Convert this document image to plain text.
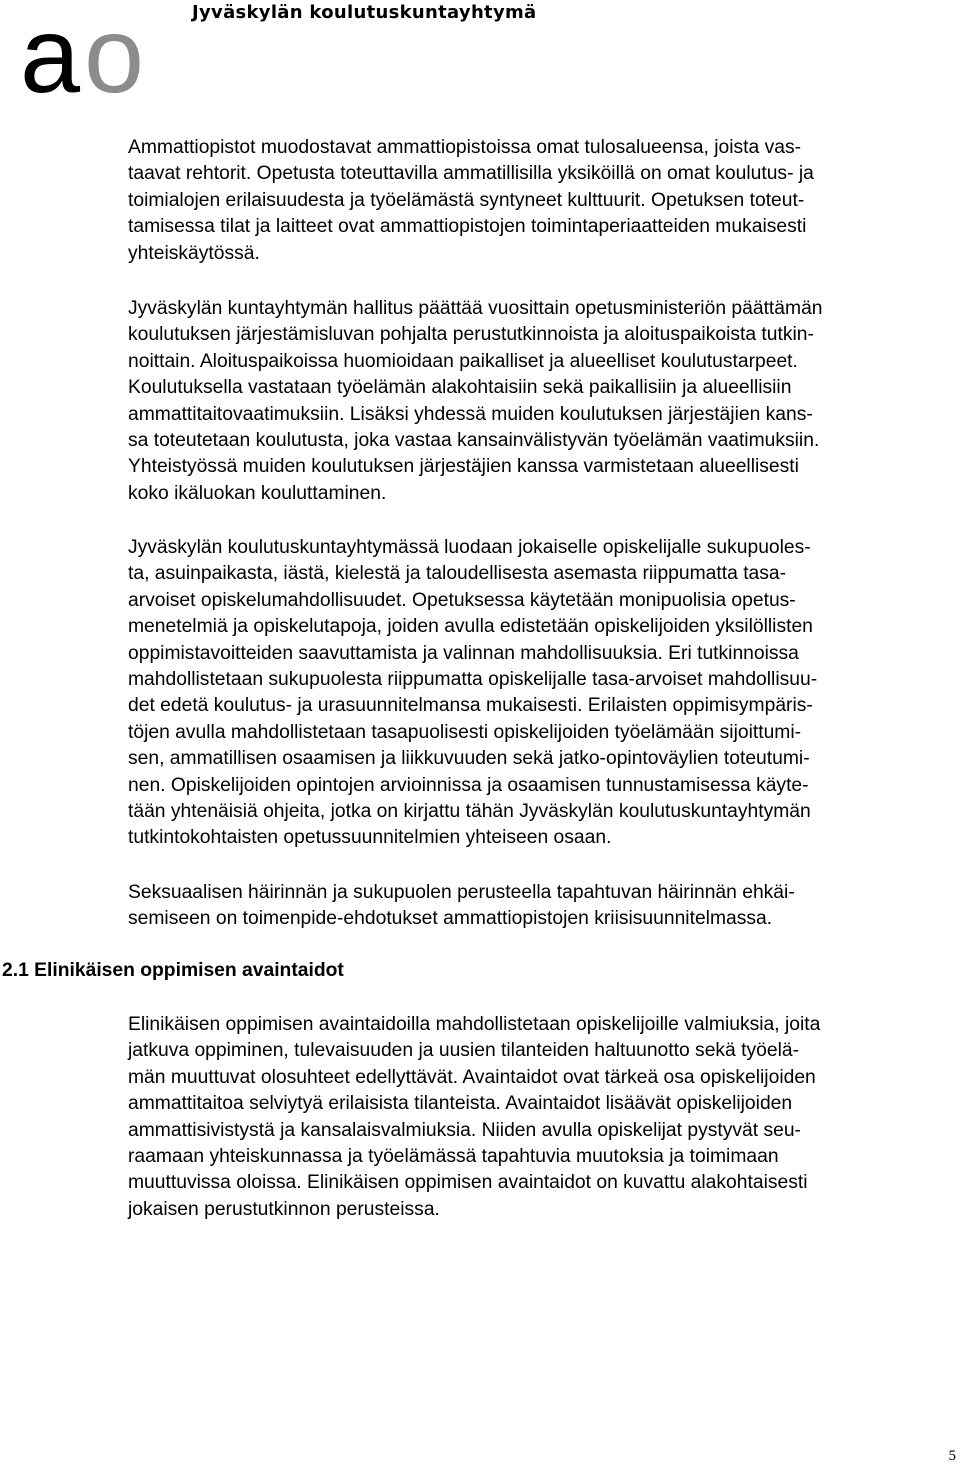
a o	Jyväskylän koulutuskuntayhtymä
Ammattiopistot muodostavat ammattiopistoissa omat tulosalueensa, joista vas-
taavat rehtorit. Opetusta toteuttavilla ammatillisilla yksiköillä on omat koulutus- ja
toimialojen erilaisuudesta ja työelämästä syntyneet kulttuurit. Opetuksen toteut-
tamisessa tilat ja laitteet ovat ammattiopistojen toimintaperiaatteiden mukaisesti
yhteiskäytössä.
Jyväskylän kuntayhtymän hallitus päättää vuosittain opetusministeriön päättämän
koulutuksen järjestämisluvan pohjalta perustutkinnoista ja aloituspaikoista tutkin-
noittain. Aloituspaikoissa huomioidaan paikalliset ja alueelliset koulutustarpeet.
Koulutuksella vastataan työelämän alakohtaisiin sekä paikallisiin ja alueellisiin
ammattitaitovaatimuksiin. Lisäksi yhdessä muiden koulutuksen järjestäjien kans-
sa toteutetaan koulutusta, joka vastaa kansainvälistyvän työelämän vaatimuksiin.
Yhteistyössä muiden koulutuksen järjestäjien kanssa varmistetaan alueellisesti
koko ikäluokan kouluttaminen.
Jyväskylän koulutuskuntayhtymässä luodaan jokaiselle opiskelijalle sukupuoles-
ta, asuinpaikasta, iästä, kielestä ja taloudellisesta asemasta riippumatta tasa-
arvoiset opiskelumahdollisuudet. Opetuksessa käytetään monipuolisia opetus-
menetelmiä ja opiskelutapoja, joiden avulla edistetään opiskelijoiden yksilöllisten
oppimistavoitteiden saavuttamista ja valinnan mahdollisuuksia. Eri tutkinnoissa
mahdollistetaan sukupuolesta riippumatta opiskelijalle tasa-arvoiset mahdollisuu-
det edetä koulutus- ja urasuunnitelmansa mukaisesti. Erilaisten oppimisympäris-
töjen avulla mahdollistetaan tasapuolisesti opiskelijoiden työelämään sijoittumi-
sen, ammatillisen osaamisen ja liikkuvuuden sekä jatko-opintoväylien toteutumi-
nen. Opiskelijoiden opintojen arvioinnissa ja osaamisen tunnustamisessa käyte-
tään yhtenäisiä ohjeita, jotka on kirjattu tähän Jyväskylän koulutuskuntayhtymän
tutkintokohtaisten opetussuunnitelmien yhteiseen osaan.
Seksuaalisen häirinnän ja sukupuolen perusteella tapahtuvan häirinnän ehkäi-
semiseen on toimenpide-ehdotukset ammattiopistojen kriisisuunnitelmassa.
2.1 Elinikäisen oppimisen avaintaidot
Elinikäisen oppimisen avaintaidoilla mahdollistetaan opiskelijoille valmiuksia, joita
jatkuva oppiminen, tulevaisuuden ja uusien tilanteiden haltuunotto sekä työelä-
män muuttuvat olosuhteet edellyttävät. Avaintaidot ovat tärkeä osa opiskelijoiden
ammattitaitoa selviytyä erilaisista tilanteista. Avaintaidot lisäävät opiskelijoiden
ammattisivistystä ja kansalaisvalmiuksia. Niiden avulla opiskelijat pystyvät seu-
raamaan yhteiskunnassa ja työelämässä tapahtuvia muutoksia ja toimimaan
muuttuvissa oloissa. Elinikäisen oppimisen avaintaidot on kuvattu alakohtaisesti
jokaisen perustutkinnon perusteissa.
5
